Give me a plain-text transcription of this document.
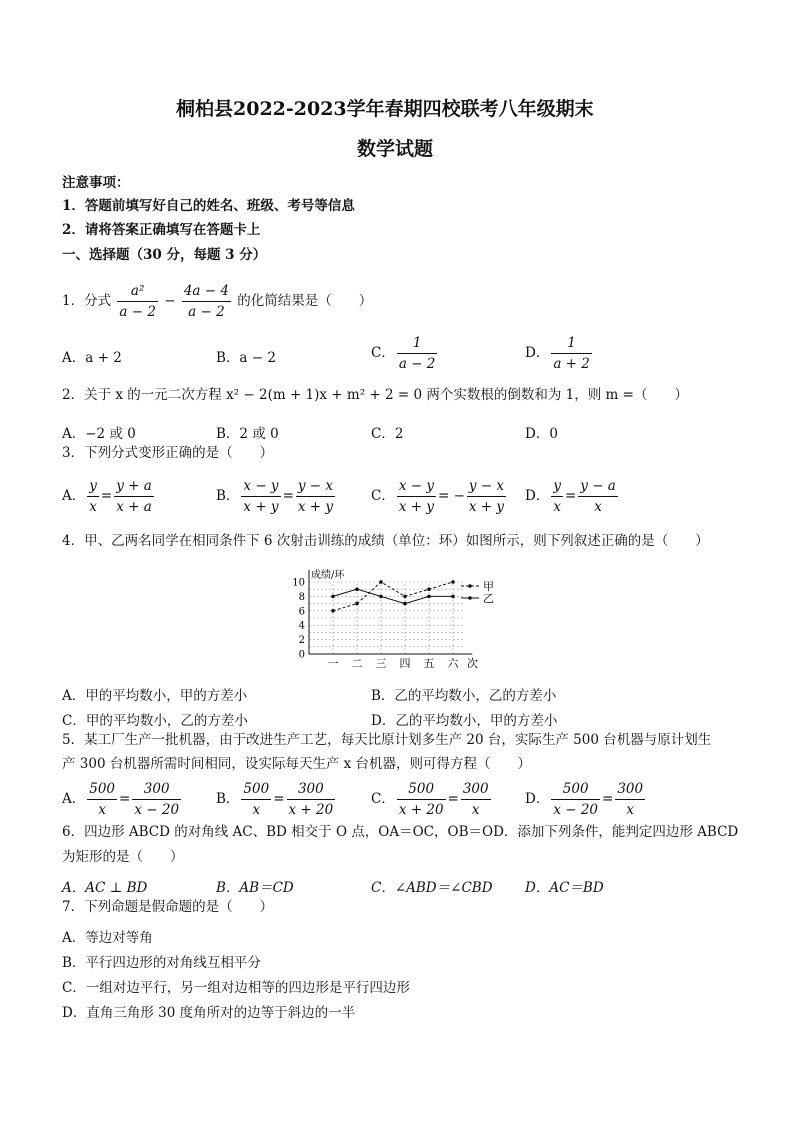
桐柏县2022-2023学年春期四校联考八年级期末
数学试题
注意事项：
1．答题前填写好自己的姓名、班级、考号等信息
2．请将答案正确填写在答题卡上
一、选择题（30 分，每题 3 分）
1．分式 $\frac{\text{a²}}{a - 2} - \frac{4a - 4}{a - 2}$ 的化简结果是（　　）
A．a + 2	B．a − 2	C． $\frac{1}{a - 2}$	D． $\frac{1}{a + 2}$
2．关于 x 的一元二次方程 x² − 2(m + 1)x + m² + 2 = 0 两个实数根的倒数和为 1，则 m =（　　）
A．−2 或 0	B．2 或 0	C．2	D．0
3．下列分式变形正确的是（　　）
A． $\frac{y}{x} = \frac{y + a}{x + a}$	B． $\frac{x - y}{x + y} = \frac{y - x}{x + y}$	C． $\frac{x - y}{x + y}$ = − $\frac{y - x}{x + y}$ D． $\frac{y}{x} = \frac{y - a}{x}$
4．甲、乙两名同学在相同条件下 6 次射击训练的成绩（单位：环）如图所示，则下列叙述正确的是（　　）
0
2
4
6
8
10
一 二 三 四 五 六 次
成绩/环
甲
乙
A．甲的平均数小，甲的方差小	B．乙的平均数小，乙的方差小
C．甲的平均数小，乙的方差小	D．乙的平均数小，甲的方差小
5．某工厂生产一批机器，由于改进生产工艺，每天比原计划多生产 20 台，实际生产 500 台机器与原计划生
产 300 台机器所需时间相同，设实际每天生产 x 台机器，则可得方程（　　）
A． $\frac{500}{x} = \frac{300}{x - 20}$	B． $\frac{500}{x} = \frac{300}{x + 20}$	C． $\frac{500}{x + 20} = \frac{300}{x}$	D． $\frac{500}{x - 20} = \frac{300}{x}$
6．四边形 ABCD 的对角线 AC、BD 相交于 O 点，OA＝OC，OB＝OD．添加下列条件，能判定四边形 ABCD
为矩形的是（　　）
A．AC ⊥ BD	B．AB＝CD	C．∠ABD＝∠CBD D．AC＝BD
7．下列命题是假命题的是（　　）
A．等边对等角
B．平行四边形的对角线互相平分
C．一组对边平行，另一组对边相等的四边形是平行四边形
D．直角三角形 30 度角所对的边等于斜边的一半
